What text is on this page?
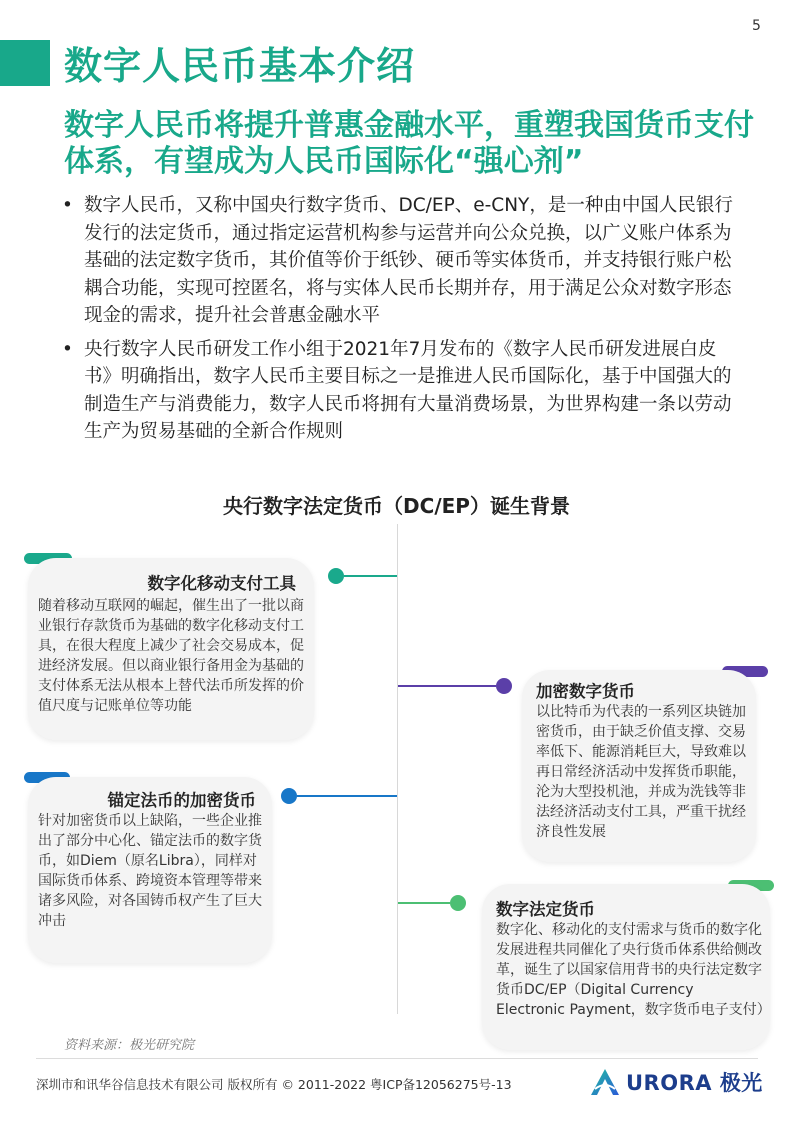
5
数字人民币基本介绍
数字人民币将提升普惠金融水平，重塑我国货币支付体系，有望成为人民币国际化“强心剂”
• 数字人民币，又称中国央行数字货币、DC/EP、e-CNY，是一种由中国人民银行发行的法定货币，通过指定运营机构参与运营并向公众兑换，以广义账户体系为基础的法定数字货币，其价值等价于纸钞、硬币等实体货币，并支持银行账户松耦合功能，实现可控匿名，将与实体人民币长期并存，用于满足公众对数字形态现金的需求，提升社会普惠金融水平
• 央行数字人民币研发工作小组于2021年7月发布的《数字人民币研发进展白皮书》明确指出，数字人民币主要目标之一是推进人民币国际化，基于中国强大的制造生产与消费能力，数字人民币将拥有大量消费场景，为世界构建一条以劳动生产为贸易基础的全新合作规则
央行数字法定货币（DC/EP）诞生背景
数字化移动支付工具

随着移动互联网的崛起，催生出了一批以商业银行存款货币为基础的数字化移动支付工具，在很大程度上减少了社会交易成本，促进经济发展。但以商业银行备用金为基础的支付体系无法从根本上替代法币所发挥的价值尺度与记账单位等功能

加密数字货币

以比特币为代表的一系列区块链加密货币，由于缺乏价值支撑、交易率低下、能源消耗巨大，导致难以再日常经济活动中发挥货币职能，沦为大型投机池，并成为洗钱等非法经济活动支付工具，严重干扰经济良性发展

锚定法币的加密货币

针对加密货币以上缺陷，一些企业推出了部分中心化、锚定法币的数字货币，如Diem（原名Libra），同样对国际货币体系、跨境资本管理等带来诸多风险，对各国铸币权产生了巨大冲击

数字法定货币

数字化、移动化的支付需求与货币的数字化发展进程共同催化了央行货币体系供给侧改革，诞生了以国家信用背书的央行法定数字货币DC/EP（Digital Currency Electronic Payment，数字货币电子支付）

资料来源：极光研究院

深圳市和讯华谷信息技术有限公司 版权所有 © 2011-2022 粤ICP备12056275号-13	URORA 极光
